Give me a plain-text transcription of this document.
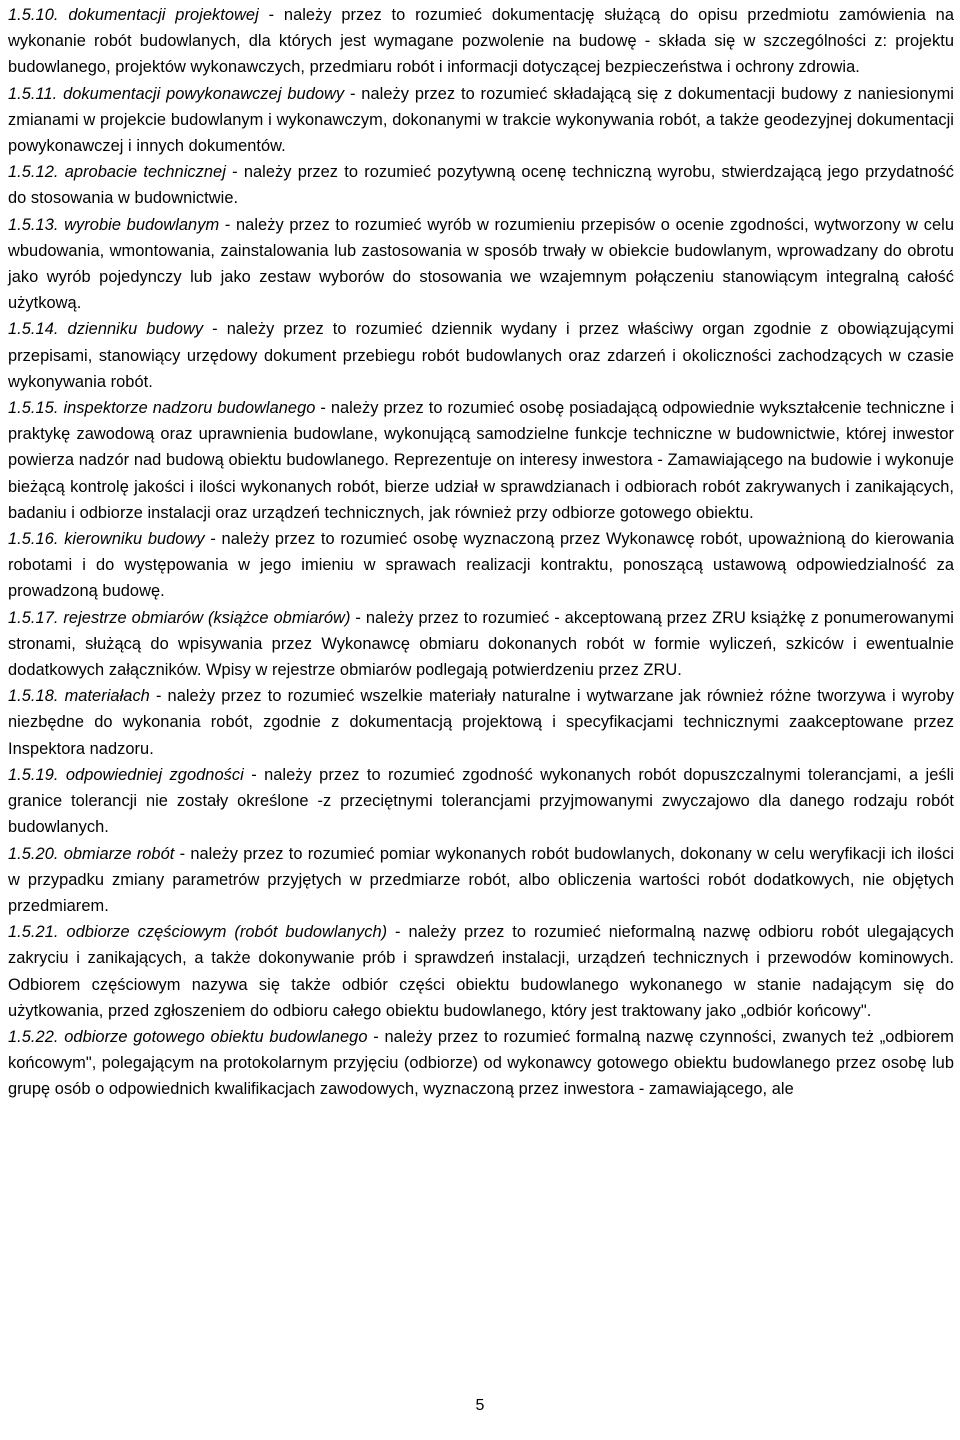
1.5.10. dokumentacji projektowej - należy przez to rozumieć dokumentację służącą do opisu przedmiotu zamówienia na wykonanie robót budowlanych, dla których jest wymagane pozwolenie na budowę - składa się w szczególności z: projektu budowlanego, projektów wykonawczych, przedmiaru robót i informacji dotyczącej bezpieczeństwa i ochrony zdrowia.

1.5.11. dokumentacji powykonawczej budowy - należy przez to rozumieć składającą się z dokumentacji budowy z naniesionymi zmianami w projekcie budowlanym i wykonawczym, dokonanymi w trakcie wykonywania robót, a także geodezyjnej dokumentacji powykonawczej i innych dokumentów.

1.5.12. aprobacie technicznej - należy przez to rozumieć pozytywną ocenę techniczną wyrobu, stwierdzającą jego przydatność do stosowania w budownictwie.

1.5.13. wyrobie budowlanym - należy przez to rozumieć wyrób w rozumieniu przepisów o ocenie zgodności, wytworzony w celu wbudowania, wmontowania, zainstalowania lub zastosowania w sposób trwały w obiekcie budowlanym, wprowadzany do obrotu jako wyrób pojedynczy lub jako zestaw wyborów do stosowania we wzajemnym połączeniu stanowiącym integralną całość użytkową.

1.5.14. dzienniku budowy - należy przez to rozumieć dziennik wydany i przez właściwy organ zgodnie z obowiązującymi przepisami, stanowiący urzędowy dokument przebiegu robót budowlanych oraz zdarzeń i okoliczności zachodzących w czasie wykonywania robót.

1.5.15. inspektorze nadzoru budowlanego - należy przez to rozumieć osobę posiadającą odpowiednie wykształcenie techniczne i praktykę zawodową oraz uprawnienia budowlane, wykonującą samodzielne funkcje techniczne w budownictwie, której inwestor powierza nadzór nad budową obiektu budowlanego. Reprezentuje on interesy inwestora - Zamawiającego na budowie i wykonuje bieżącą kontrolę jakości i ilości wykonanych robót, bierze udział w sprawdzianach i odbiorach robót zakrywanych i zanikających, badaniu i odbiorze instalacji oraz urządzeń technicznych, jak również przy odbiorze gotowego obiektu.

1.5.16. kierowniku budowy - należy przez to rozumieć osobę wyznaczoną przez Wykonawcę robót, upoważnioną do kierowania robotami i do występowania w jego imieniu w sprawach realizacji kontraktu, ponoszącą ustawową odpowiedzialność za prowadzoną budowę.

1.5.17. rejestrze obmiarów (książce obmiarów) - należy przez to rozumieć - akceptowaną przez ZRU książkę z ponumerowanymi stronami, służącą do wpisywania przez Wykonawcę obmiaru dokonanych robót w formie wyliczeń, szkiców i ewentualnie dodatkowych załączników. Wpisy w rejestrze obmiarów podlegają potwierdzeniu przez ZRU.

1.5.18. materiałach - należy przez to rozumieć wszelkie materiały naturalne i wytwarzane jak również różne tworzywa i wyroby niezbędne do wykonania robót, zgodnie z dokumentacją projektową i specyfikacjami technicznymi zaakceptowane przez Inspektora nadzoru.

1.5.19. odpowiedniej zgodności - należy przez to rozumieć zgodność wykonanych robót dopuszczalnymi tolerancjami, a jeśli granice tolerancji nie zostały określone -z przeciętnymi tolerancjami przyjmowanymi zwyczajowo dla danego rodzaju robót budowlanych.

1.5.20. obmiarze robót - należy przez to rozumieć pomiar wykonanych robót budowlanych, dokonany w celu weryfikacji ich ilości w przypadku zmiany parametrów przyjętych w przedmiarze robót, albo obliczenia wartości robót dodatkowych, nie objętych przedmiarem.

1.5.21. odbiorze częściowym (robót budowlanych) - należy przez to rozumieć nieformalną nazwę odbioru robót ulegających zakryciu i zanikających, a także dokonywanie prób i sprawdzeń instalacji, urządzeń technicznych i przewodów kominowych. Odbiorem częściowym nazywa się także odbiór części obiektu budowlanego wykonanego w stanie nadającym się do użytkowania, przed zgłoszeniem do odbioru całego obiektu budowlanego, który jest traktowany jako „odbiór końcowy".

1.5.22. odbiorze gotowego obiektu budowlanego - należy przez to rozumieć formalną nazwę czynności, zwanych też „odbiorem końcowym", polegającym na protokolarnym przyjęciu (odbiorze) od wykonawcy gotowego obiektu budowlanego przez osobę lub grupę osób o odpowiednich kwalifikacjach zawodowych, wyznaczoną przez inwestora - zamawiającego, ale

5
